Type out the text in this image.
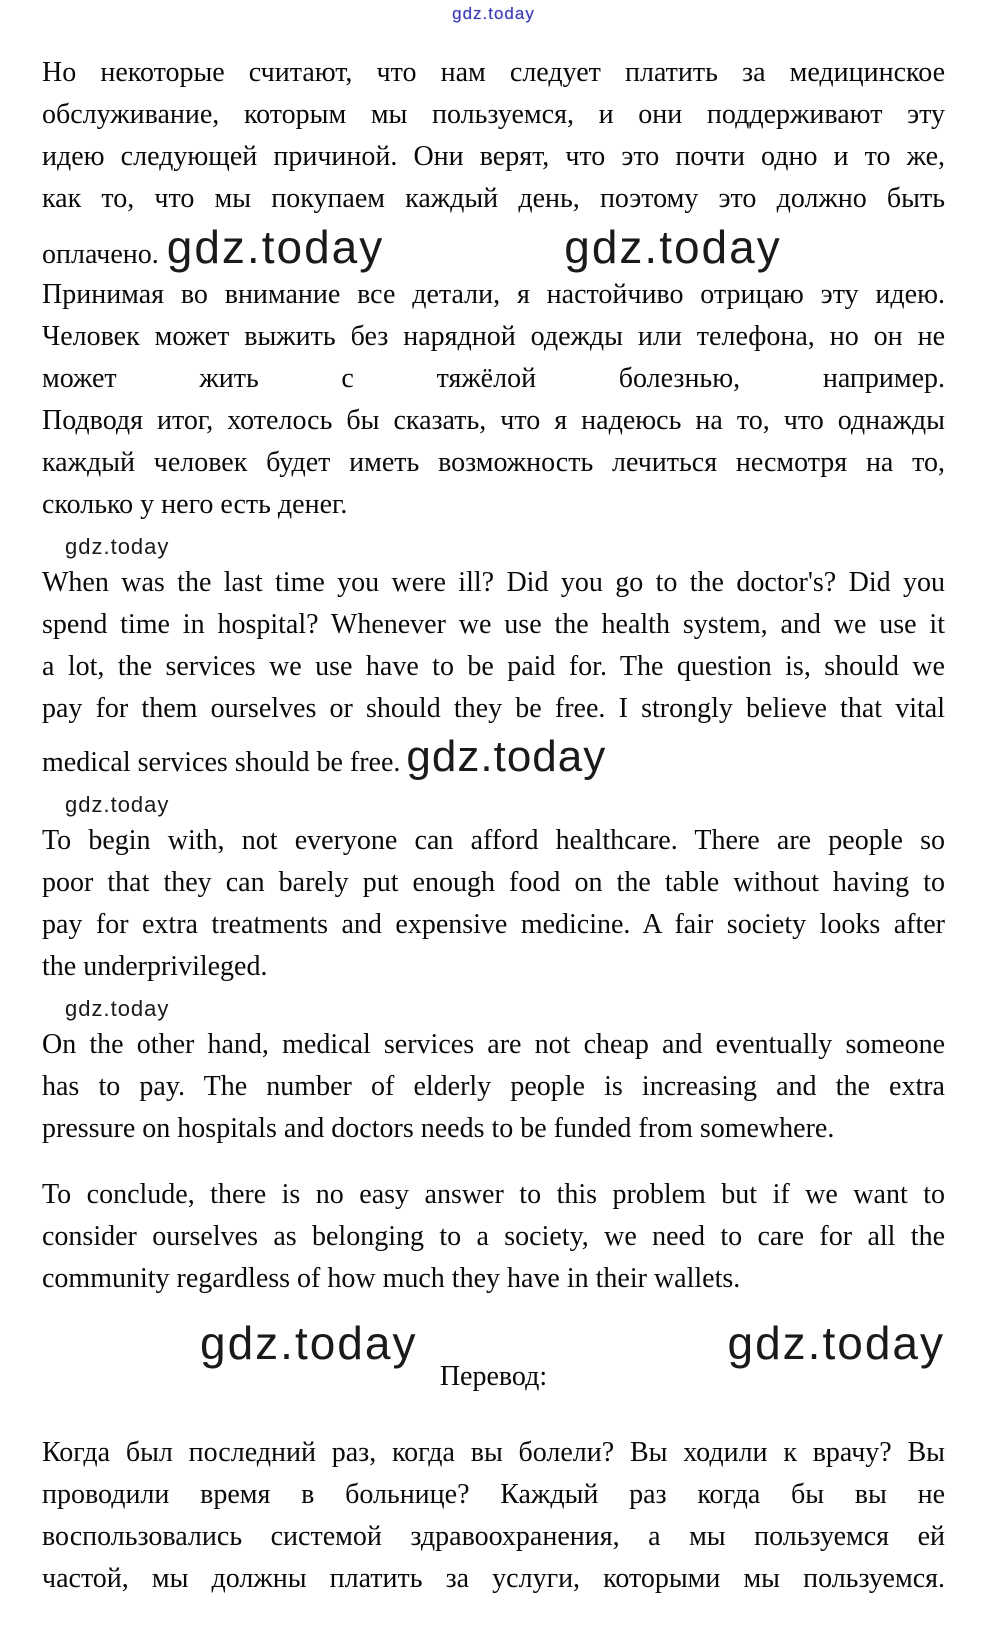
gdz.today
Но некоторые считают, что нам следует платить за медицинское
обслуживание, которым мы пользуемся, и они поддерживают эту
идею следующей причиной. Они верят, что это почти одно и то же,
как то, что мы покупаем каждый день, поэтому это должно быть
оплачено. gdz.today	gdz.today
Принимая во внимание все детали, я настойчиво отрицаю эту идею.
Человек может выжить без нарядной одежды или телефона, но он не
может жить с тяжёлой болезнью, например.
Подводя итог, хотелось бы сказать, что я надеюсь на то, что однажды
каждый человек будет иметь возможность лечиться несмотря на то,
сколько у него есть денег.
gdz.today
When was the last time you were ill? Did you go to the doctor's? Did you
spend time in hospital? Whenever we use the health system, and we use it
a lot, the services we use have to be paid for. The question is, should we
pay for them ourselves or should they be free. I strongly believe that vital
medical services should be free. gdz.today
gdz.today
To begin with, not everyone can afford healthcare. There are people so
poor that they can barely put enough food on the table without having to
pay for extra treatments and expensive medicine. A fair society looks after
the underprivileged.
gdz.today
On the other hand, medical services are not cheap and eventually someone
has to pay. The number of elderly people is increasing and the extra
pressure on hospitals and doctors needs to be funded from somewhere.
To conclude, there is no easy answer to this problem but if we want to
consider ourselves as belonging to a society, we need to care for all the
community regardless of how much they have in their wallets.
gdz.today	gdz.today
Перевод:
Когда был последний раз, когда вы болели? Вы ходили к врачу? Вы
проводили время в больнице? Каждый раз когда бы вы не
воспользовались системой здравоохранения, а мы пользуемся ей
частой, мы должны платить за услуги, которыми мы пользуемся.
